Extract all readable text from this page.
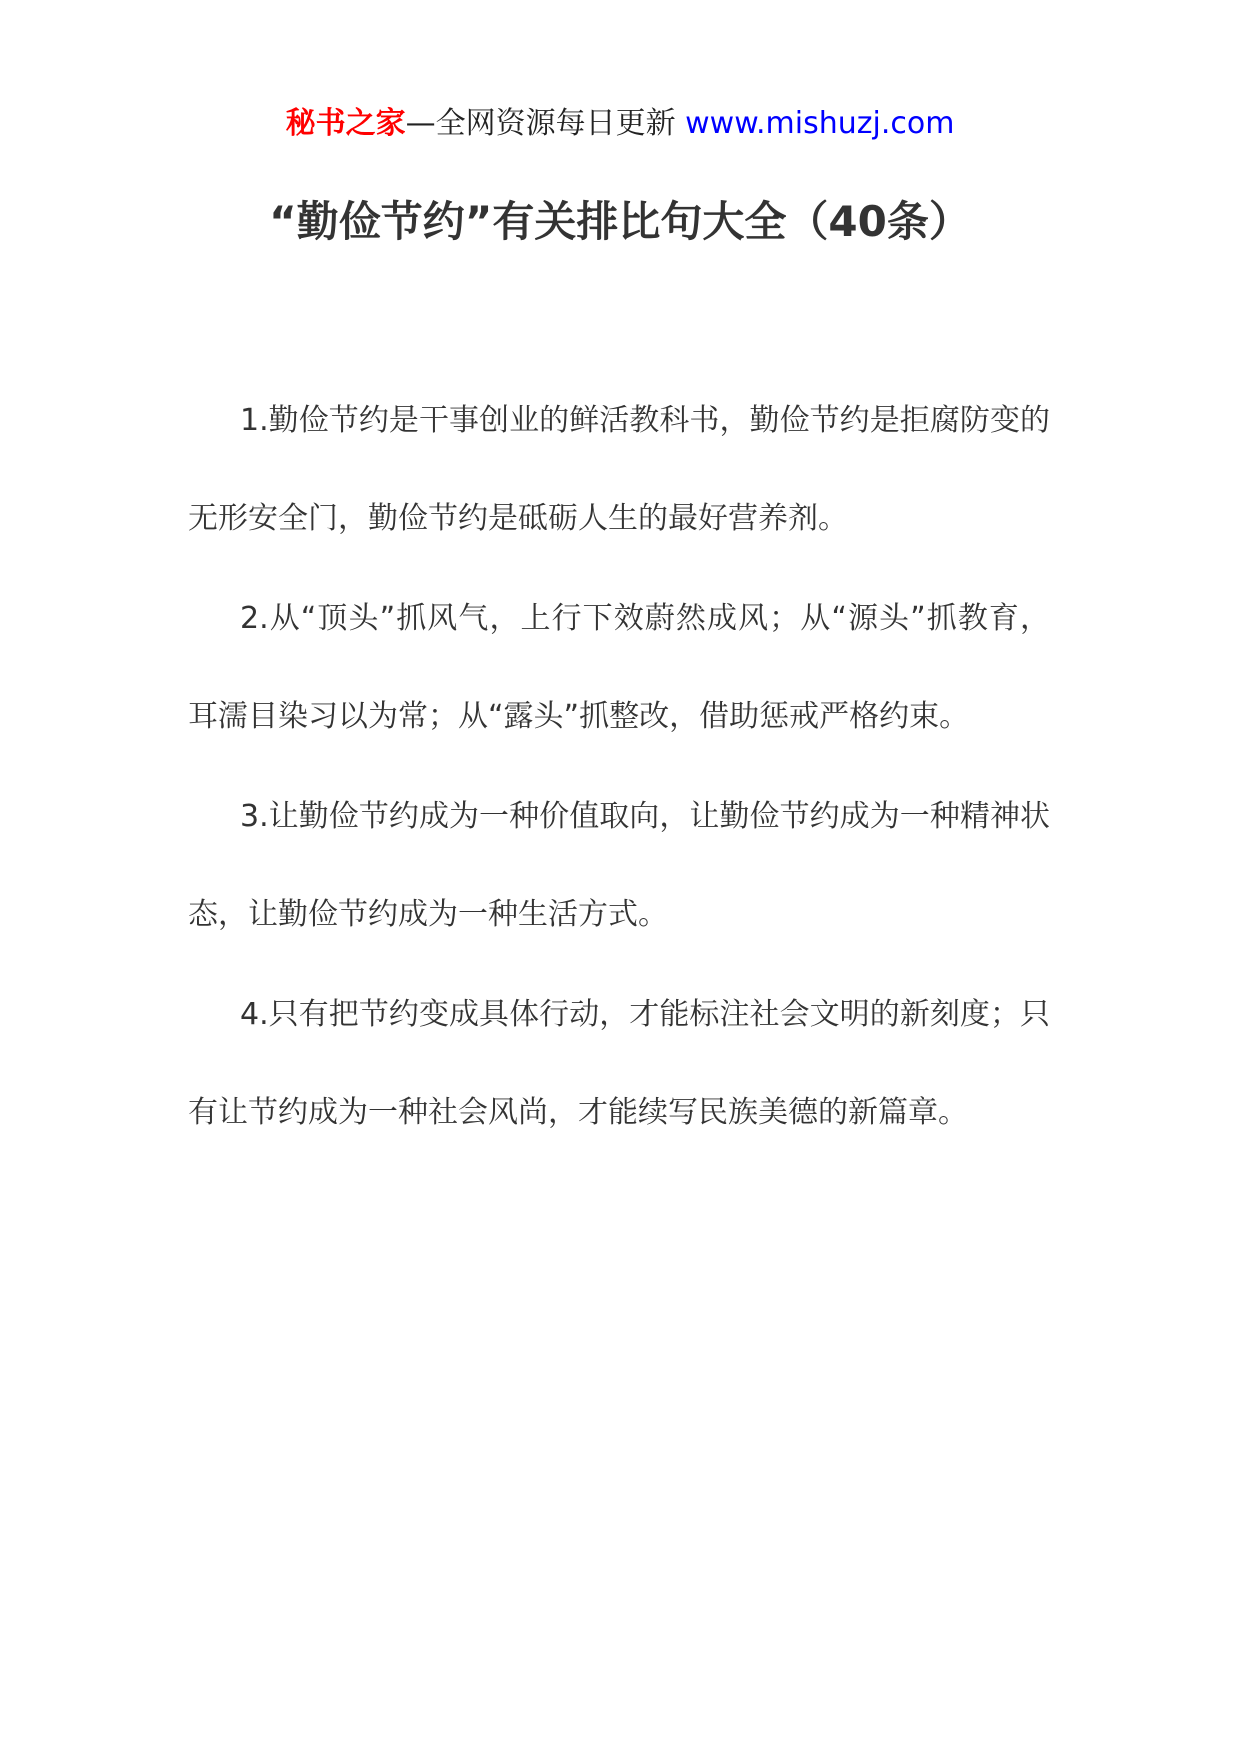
秘书之家—全网资源每日更新 www.mishuzj.com
“勤俭节约”有关排比句大全（40条）

1.勤俭节约是干事创业的鲜活教科书，勤俭节约是拒腐防变的无形安全门，勤俭节约是砥砺人生的最好营养剂。

2.从“顶头”抓风气，上行下效蔚然成风；从“源头”抓教育，耳濡目染习以为常；从“露头”抓整改，借助惩戒严格约束。

3.让勤俭节约成为一种价值取向，让勤俭节约成为一种精神状态，让勤俭节约成为一种生活方式。

4.只有把节约变成具体行动，才能标注社会文明的新刻度；只有让节约成为一种社会风尚，才能续写民族美德的新篇章。
